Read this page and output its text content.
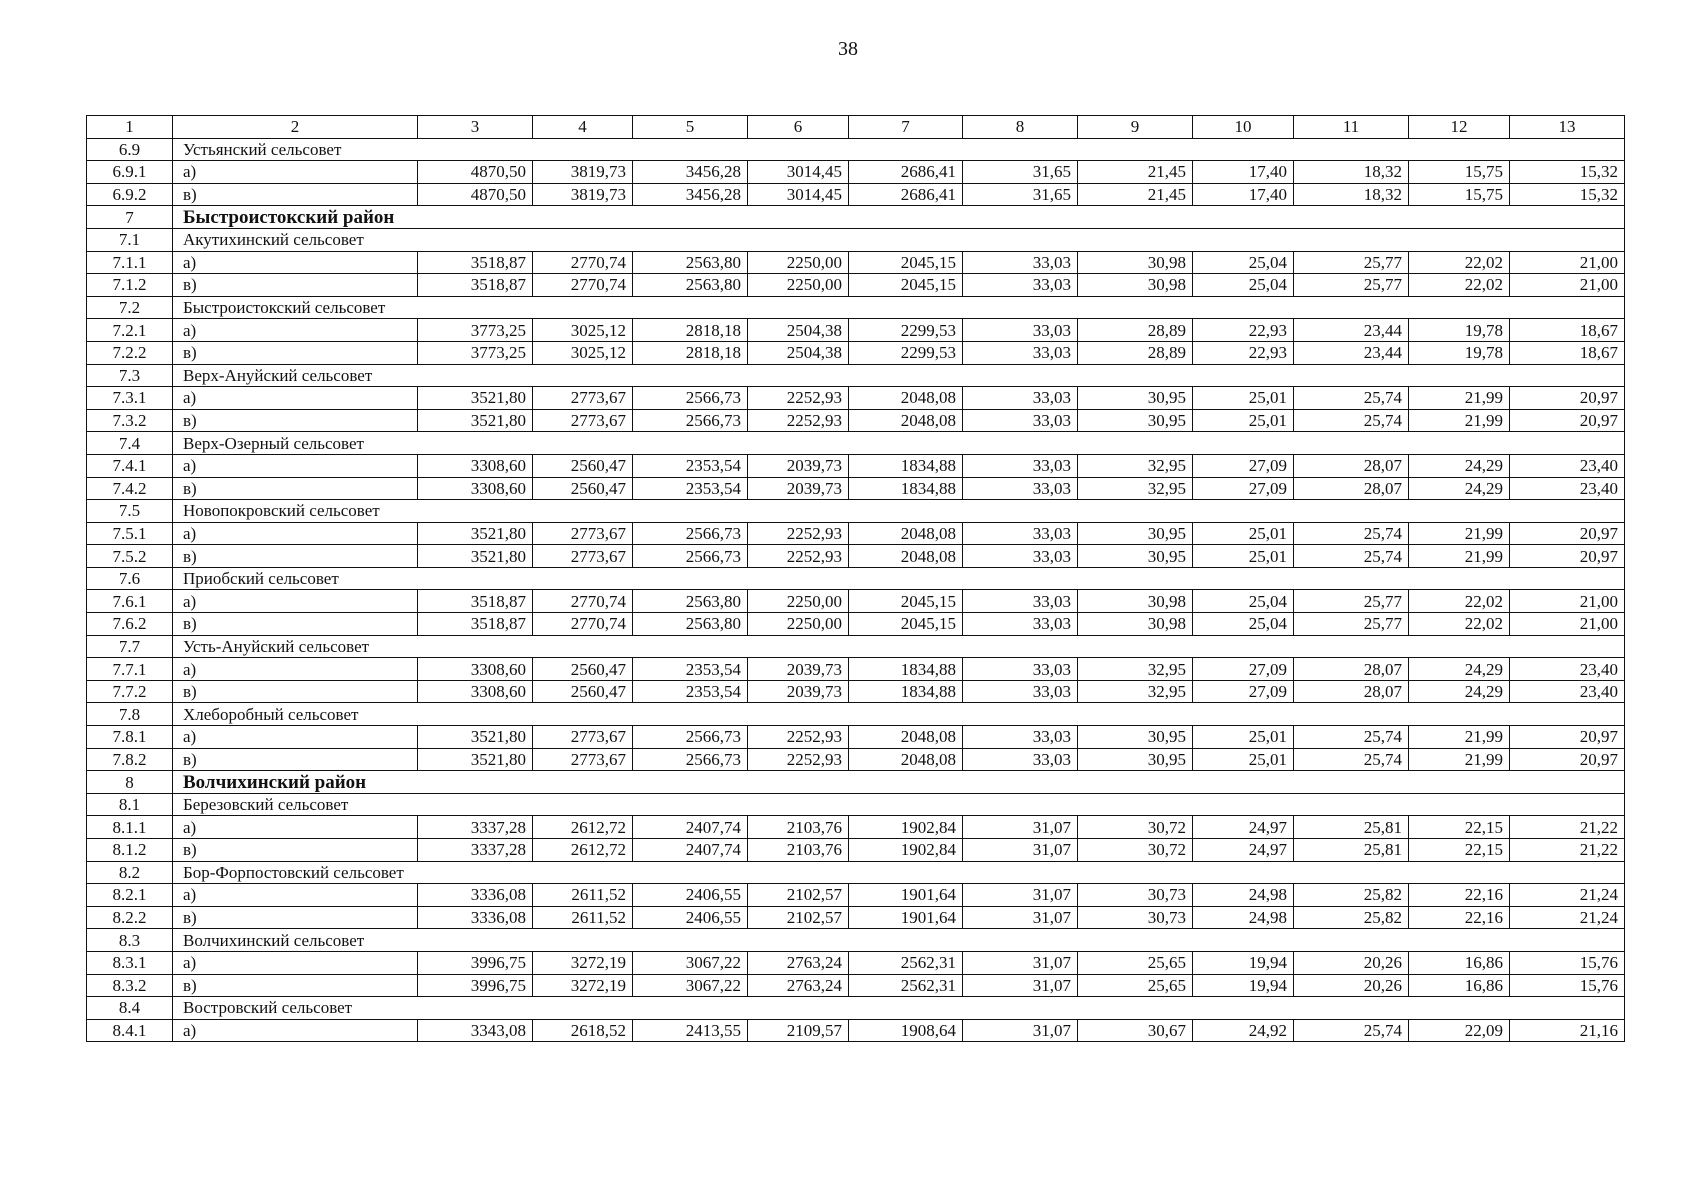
38
1	2	3	4	5	6	7	8	9	10	11	12	13
6.9	Устьянский сельсовет											
6.9.1	а)	4870,50	3819,73	3456,28	3014,45	2686,41	31,65	21,45	17,40	18,32	15,75	15,32
6.9.2	в)	4870,50	3819,73	3456,28	3014,45	2686,41	31,65	21,45	17,40	18,32	15,75	15,32
7	Быстроистокский район											
7.1	Акутихинский сельсовет											
7.1.1	а)	3518,87	2770,74	2563,80	2250,00	2045,15	33,03	30,98	25,04	25,77	22,02	21,00
7.1.2	в)	3518,87	2770,74	2563,80	2250,00	2045,15	33,03	30,98	25,04	25,77	22,02	21,00
7.2	Быстроистокский сельсовет											
7.2.1	а)	3773,25	3025,12	2818,18	2504,38	2299,53	33,03	28,89	22,93	23,44	19,78	18,67
7.2.2	в)	3773,25	3025,12	2818,18	2504,38	2299,53	33,03	28,89	22,93	23,44	19,78	18,67
7.3	Верх-Ануйский сельсовет											
7.3.1	а)	3521,80	2773,67	2566,73	2252,93	2048,08	33,03	30,95	25,01	25,74	21,99	20,97
7.3.2	в)	3521,80	2773,67	2566,73	2252,93	2048,08	33,03	30,95	25,01	25,74	21,99	20,97
7.4	Верх-Озерный сельсовет											
7.4.1	а)	3308,60	2560,47	2353,54	2039,73	1834,88	33,03	32,95	27,09	28,07	24,29	23,40
7.4.2	в)	3308,60	2560,47	2353,54	2039,73	1834,88	33,03	32,95	27,09	28,07	24,29	23,40
7.5	Новопокровский сельсовет											
7.5.1	а)	3521,80	2773,67	2566,73	2252,93	2048,08	33,03	30,95	25,01	25,74	21,99	20,97
7.5.2	в)	3521,80	2773,67	2566,73	2252,93	2048,08	33,03	30,95	25,01	25,74	21,99	20,97
7.6	Приобский сельсовет											
7.6.1	а)	3518,87	2770,74	2563,80	2250,00	2045,15	33,03	30,98	25,04	25,77	22,02	21,00
7.6.2	в)	3518,87	2770,74	2563,80	2250,00	2045,15	33,03	30,98	25,04	25,77	22,02	21,00
7.7	Усть-Ануйский сельсовет											
7.7.1	а)	3308,60	2560,47	2353,54	2039,73	1834,88	33,03	32,95	27,09	28,07	24,29	23,40
7.7.2	в)	3308,60	2560,47	2353,54	2039,73	1834,88	33,03	32,95	27,09	28,07	24,29	23,40
7.8	Хлеборобный сельсовет											
7.8.1	а)	3521,80	2773,67	2566,73	2252,93	2048,08	33,03	30,95	25,01	25,74	21,99	20,97
7.8.2	в)	3521,80	2773,67	2566,73	2252,93	2048,08	33,03	30,95	25,01	25,74	21,99	20,97
8	Волчихинский район											
8.1	Березовский сельсовет											
8.1.1	а)	3337,28	2612,72	2407,74	2103,76	1902,84	31,07	30,72	24,97	25,81	22,15	21,22
8.1.2	в)	3337,28	2612,72	2407,74	2103,76	1902,84	31,07	30,72	24,97	25,81	22,15	21,22
8.2	Бор-Форпостовский сельсовет											
8.2.1	а)	3336,08	2611,52	2406,55	2102,57	1901,64	31,07	30,73	24,98	25,82	22,16	21,24
8.2.2	в)	3336,08	2611,52	2406,55	2102,57	1901,64	31,07	30,73	24,98	25,82	22,16	21,24
8.3	Волчихинский сельсовет											
8.3.1	а)	3996,75	3272,19	3067,22	2763,24	2562,31	31,07	25,65	19,94	20,26	16,86	15,76
8.3.2	в)	3996,75	3272,19	3067,22	2763,24	2562,31	31,07	25,65	19,94	20,26	16,86	15,76
8.4	Востровский сельсовет											
8.4.1	а)	3343,08	2618,52	2413,55	2109,57	1908,64	31,07	30,67	24,92	25,74	22,09	21,16
